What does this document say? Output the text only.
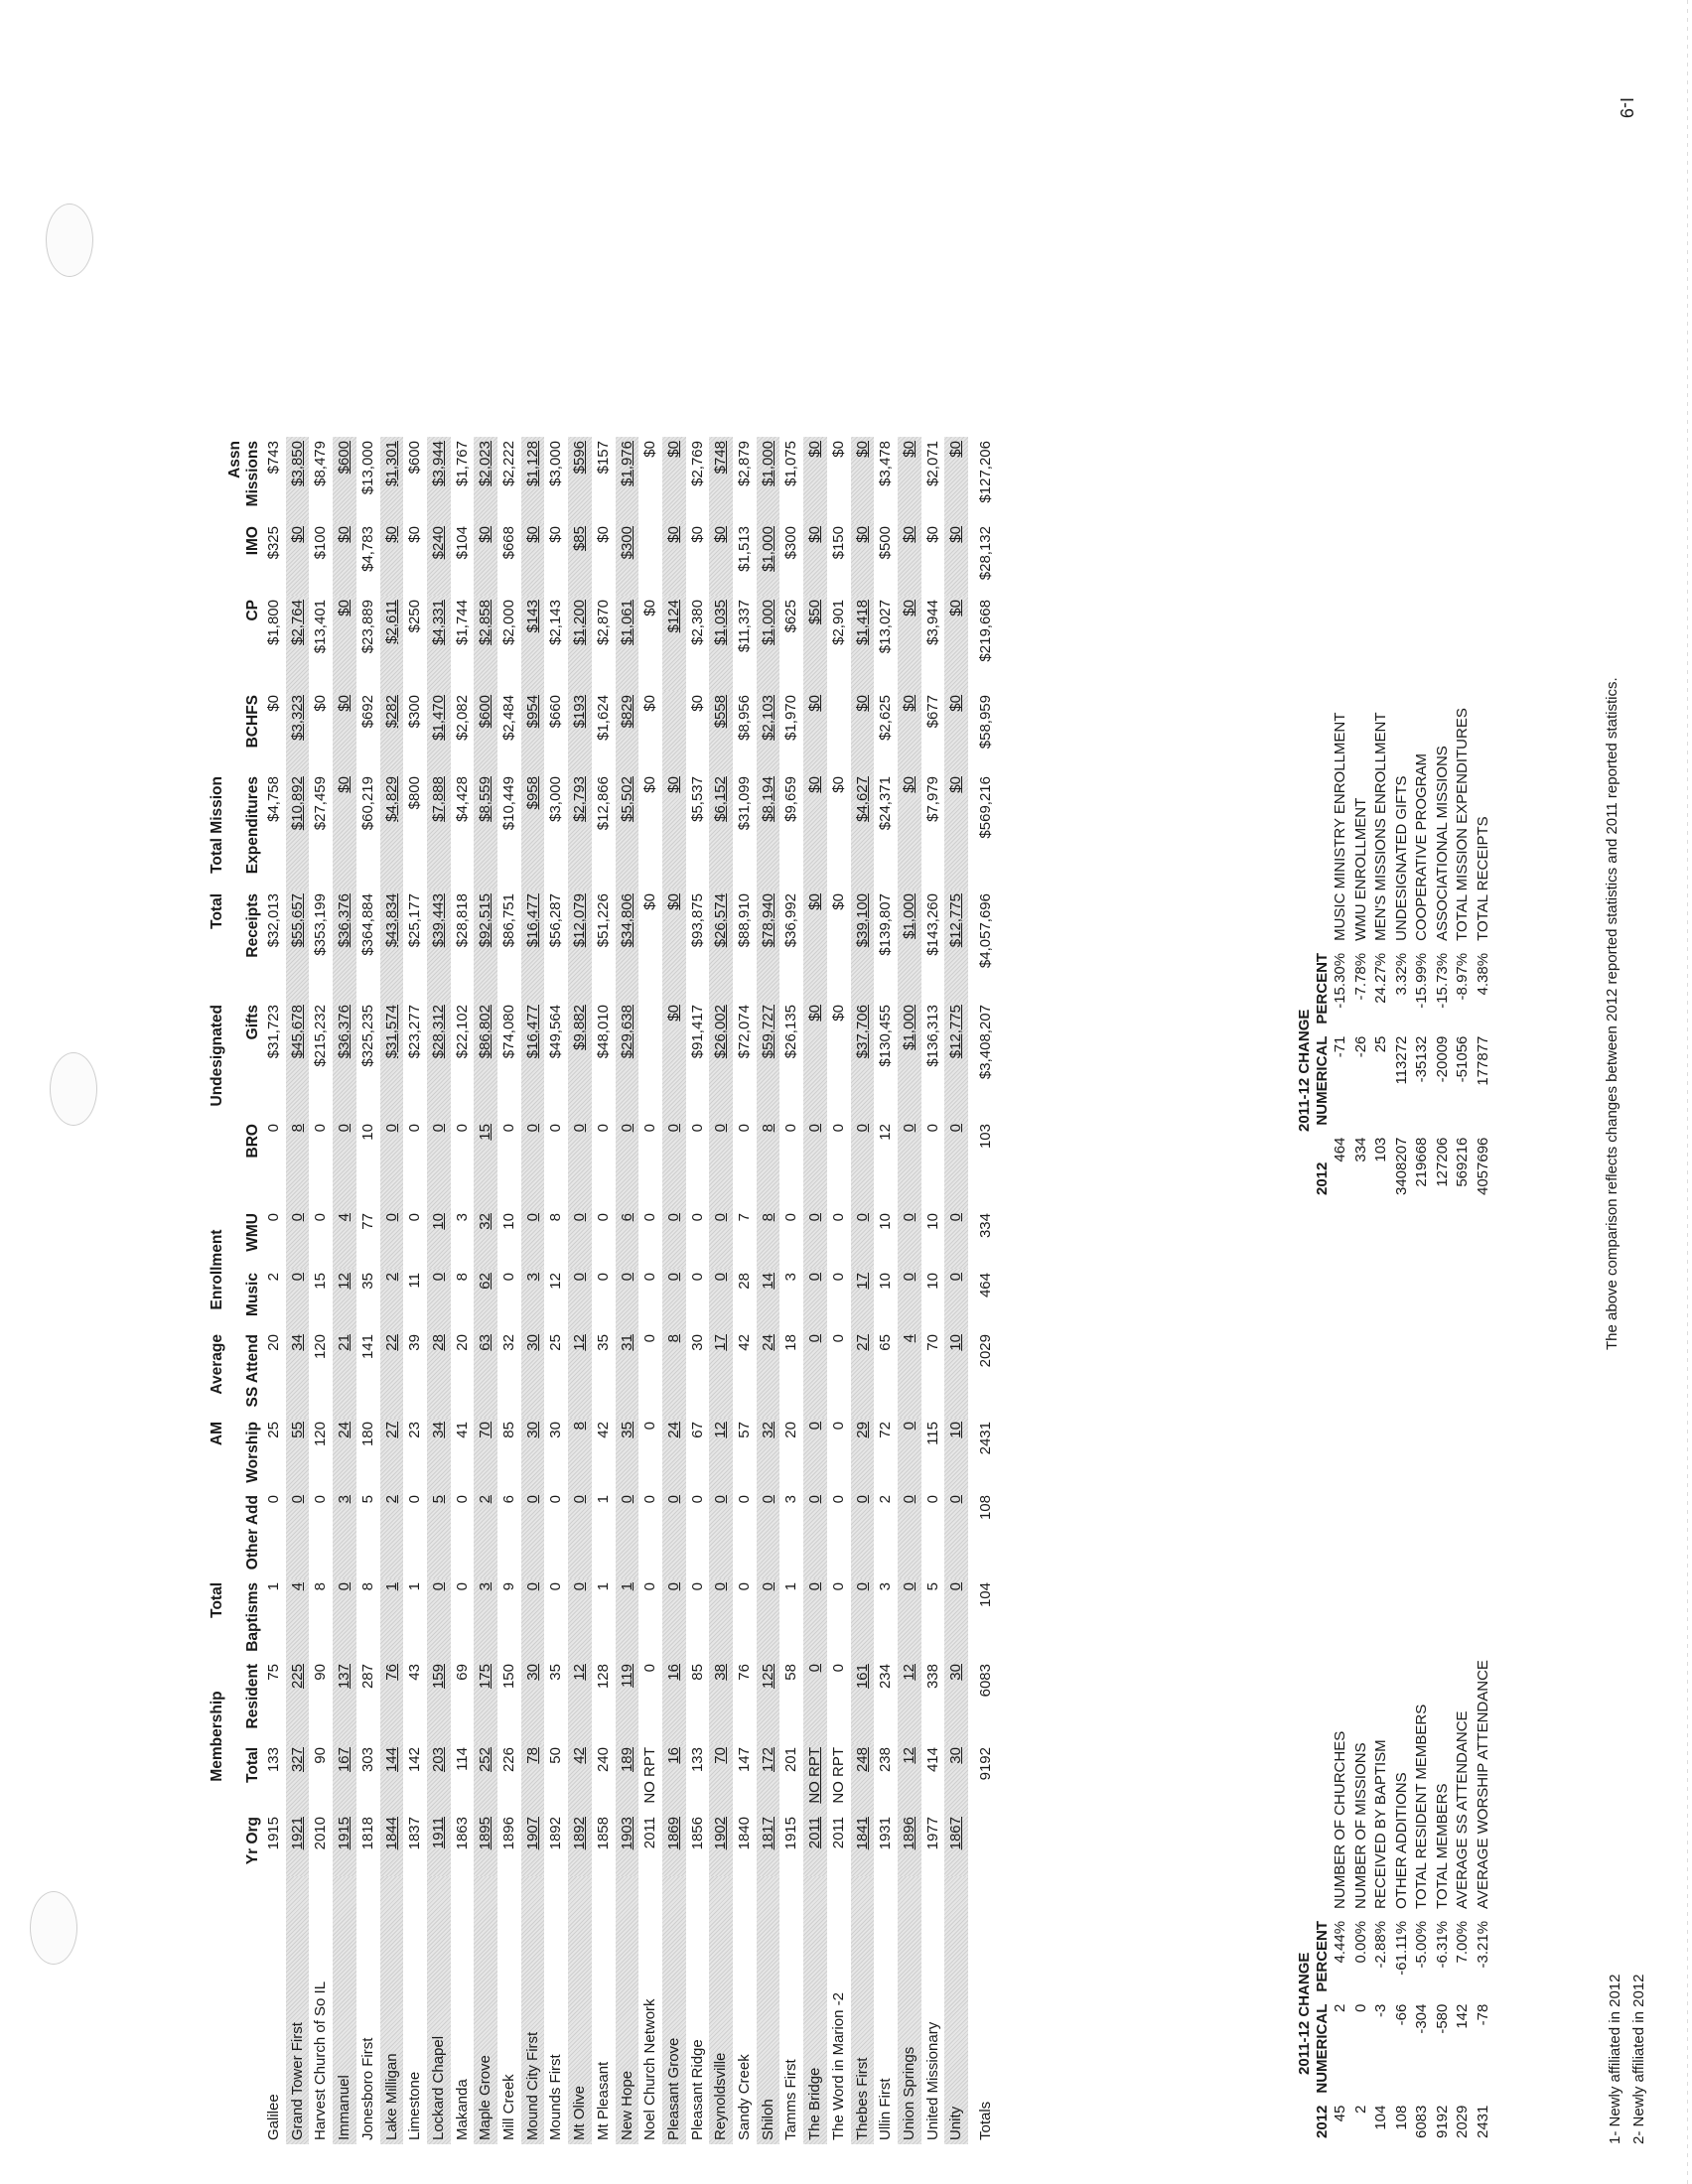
I-9
		Membership		Total		AM	Average	Enrollment			Undesignated	Total	Total Mission				
	Yr Org	Total	Resident	Baptisms	Other Add	Worship	SS Attend	Music	WMU	BRO	Gifts	Receipts	Expenditures	BCHFS	CP	IMO	Assn Missions
Galilee	1915	133	75	1	0	25	20	2	0	0	$31,723	$32,013	$4,758	$0	$1,800	$325	$743
Grand Tower First	1921	327	225	4	0	55	34	0	0	8	$45,678	$55,657	$10,892	$3,323	$2,764	$0	$3,850
Harvest Church of So IL	2010	90	90	8	0	120	120	15	0	0	$215,232	$353,199	$27,459	$0	$13,401	$100	$8,479
Immanuel	1915	167	137	0	3	24	21	12	4	0	$36,376	$36,376	$0	$0	$0	$0	$600
Jonesboro First	1818	303	287	8	5	180	141	35	77	10	$325,235	$364,884	$60,219	$692	$23,889	$4,783	$13,000
Lake Milligan	1844	144	76	1	2	27	22	2	0	0	$31,574	$43,834	$4,829	$282	$2,611	$0	$1,301
Limestone	1837	142	43	1	0	23	39	11	0	0	$23,277	$25,177	$800	$300	$250	$0	$600
Lockard Chapel	1911	203	159	0	5	34	28	0	10	0	$28,312	$39,443	$7,888	$1,470	$4,331	$240	$3,944
Makanda	1863	114	69	0	0	41	20	8	3	0	$22,102	$28,818	$4,428	$2,082	$1,744	$104	$1,767
Maple Grove	1895	252	175	3	2	70	63	62	32	15	$86,802	$92,515	$8,559	$600	$2,858	$0	$2,023
Mill Creek	1896	226	150	9	6	85	32	0	10	0	$74,080	$86,751	$10,449	$2,484	$2,000	$668	$2,222
Mound City First	1907	78	30	0	0	30	30	3	0	0	$16,477	$16,477	$958	$954	$143	$0	$1,128
Mounds First	1892	50	35	0	0	30	25	12	8	0	$49,564	$56,287	$3,000	$660	$2,143	$0	$3,000
Mt Olive	1892	42	12	0	0	8	12	0	0	0	$9,882	$12,079	$2,793	$193	$1,200	$85	$596
Mt Pleasant	1858	240	128	1	1	42	35	0	0	0	$48,010	$51,226	$12,866	$1,624	$2,870	$0	$157
New Hope	1903	189	119	1	0	35	31	0	6	0	$29,638	$34,806	$5,502	$829	$1,061	$300	$1,976
Noel Church Network	2011	NO RPT	0	0	0	0	0	0	0	0		$0	$0	$0	$0		$0
Pleasant Grove	1869	16	16	0	0	24	8	0	0	0	$0	$0	$0		$124	$0	$0
Pleasant Ridge	1856	133	85	0	0	67	30	0	0	0	$91,417	$93,875	$5,537	$0	$2,380	$0	$2,769
Reynoldsville	1902	70	38	0	0	12	17	0	0	0	$26,002	$26,574	$6,152	$558	$1,035	$0	$748
Sandy Creek	1840	147	76	0	0	57	42	28	7	0	$72,074	$88,910	$31,099	$8,956	$11,337	$1,513	$2,879
Shiloh	1817	172	125	0	0	32	24	14	8	8	$59,727	$78,940	$8,194	$2,103	$1,000	$1,000	$1,000
Tamms First	1915	201	58	1	3	20	18	3	0	0	$26,135	$36,992	$9,659	$1,970	$625	$300	$1,075
The Bridge	2011	NO RPT	0	0	0	0	0	0	0	0	$0	$0	$0	$0	$50	$0	$0
The Word in Marion -2	2011	NO RPT	0	0	0	0	0	0	0	0	$0	$0	$0		$2,901	$150	$0
Thebes First	1841	248	161	0	0	29	27	17	0	0	$37,706	$39,100	$4,627	$0	$1,418	$0	$0
Ullin First	1931	238	234	3	2	72	65	10	10	12	$130,455	$139,807	$24,371	$2,625	$13,027	$500	$3,478
Union Springs	1896	12	12	0	0	0	4	0	0	0	$1,000	$1,000	$0	$0	$0	$0	$0
United Missionary	1977	414	338	5	0	115	70	10	10	0	$136,313	$143,260	$7,979	$677	$3,944	$0	$2,071
Unity	1867	30	30	0	0	10	10	0	0	0	$12,775	$12,775	$0	$0	$0	$0	$0
Totals		9192	6083	104	108	2431	2029	464	334	103	$3,408,207	$4,057,696	$569,216	$58,959	$219,668	$28,132	$127,206
2011-12 CHANGE
2012	NUMERICAL	PERCENT	
45	2	4.44%	NUMBER OF CHURCHES
2	0	0.00%	NUMBER OF MISSIONS
104	-3	-2.88%	RECEIVED BY BAPTISM
108	-66	-61.11%	OTHER ADDITIONS
6083	-304	-5.00%	TOTAL RESIDENT MEMBERS
9192	-580	-6.31%	TOTAL MEMBERS
2029	142	7.00%	AVERAGE SS ATTENDANCE
2431	-78	-3.21%	AVERAGE WORSHIP ATTENDANCE
2011-12 CHANGE
2012	NUMERICAL	PERCENT	
464	-71	-15.30%	MUSIC MINISTRY ENROLLMENT
334	-26	-7.78%	WMU ENROLLMENT
103	25	24.27%	MEN'S MISSIONS ENROLLMENT
3408207	113272	3.32%	UNDESIGNATED GIFTS
219668	-35132	-15.99%	COOPERATIVE PROGRAM
127206	-20009	-15.73%	ASSOCIATIONAL MISSIONS
569216	-51056	-8.97%	TOTAL MISSION EXPENDITURES
4057696	177877	4.38%	TOTAL RECEIPTS
1- Newly affiliated in 2012 2- Newly affiliated in 2012
The above comparison reflects changes between 2012 reported statistics and 2011 reported statistics.
